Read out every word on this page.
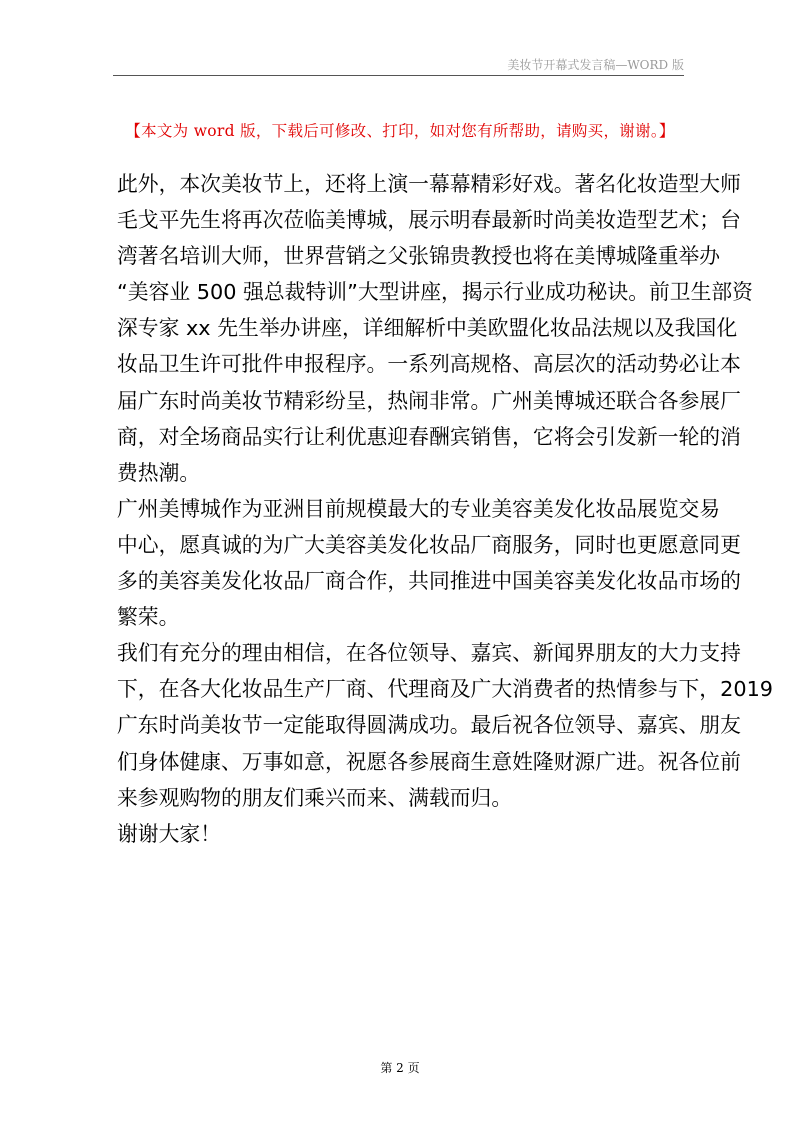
美妆节开幕式发言稿—WORD 版
【本文为 word 版，下载后可修改、打印，如对您有所帮助，请购买，谢谢。】
此外，本次美妆节上，还将上演一幕幕精彩好戏。著名化妆造型大师
毛戈平先生将再次莅临美博城，展示明春最新时尚美妆造型艺术；台
湾著名培训大师，世界营销之父张锦贵教授也将在美博城隆重举办
“美容业 500 强总裁特训”大型讲座，揭示行业成功秘诀。前卫生部资
深专家 xx 先生举办讲座，详细解析中美欧盟化妆品法规以及我国化
妆品卫生许可批件申报程序。一系列高规格、高层次的活动势必让本
届广东时尚美妆节精彩纷呈，热闹非常。广州美博城还联合各参展厂
商，对全场商品实行让利优惠迎春酬宾销售，它将会引发新一轮的消
费热潮。
广州美博城作为亚洲目前规模最大的专业美容美发化妆品展览交易
中心，愿真诚的为广大美容美发化妆品厂商服务，同时也更愿意同更
多的美容美发化妆品厂商合作，共同推进中国美容美发化妆品市场的
繁荣。
我们有充分的理由相信，在各位领导、嘉宾、新闻界朋友的大力支持
下，在各大化妆品生产厂商、代理商及广大消费者的热情参与下，2019
广东时尚美妆节一定能取得圆满成功。最后祝各位领导、嘉宾、朋友
们身体健康、万事如意，祝愿各参展商生意姓隆财源广进。祝各位前
来参观购物的朋友们乘兴而来、满载而归。
谢谢大家！
第 2 页
